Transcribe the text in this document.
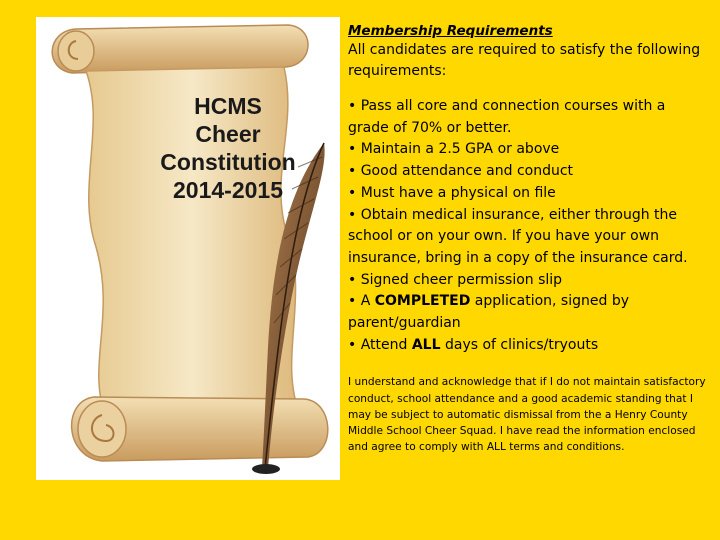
HCMS
Cheer
Constitution
2014-2015

Membership Requirements

All candidates are required to satisfy the following requirements:

• Pass all core and connection courses with a grade of 70% or better.
• Maintain a 2.5 GPA or above
• Good attendance and conduct
• Must have a physical on file
• Obtain medical insurance, either through the school or on your own. If you have your own insurance, bring in a copy of the insurance card.
• Signed cheer permission slip
• A COMPLETED application, signed by parent/guardian
• Attend ALL days of clinics/tryouts

I understand and acknowledge that if I do not maintain satisfactory conduct, school attendance and a good academic standing that I may be subject to automatic dismissal from the a Henry County Middle School Cheer Squad. I have read the information enclosed and agree to comply with ALL terms and conditions.
